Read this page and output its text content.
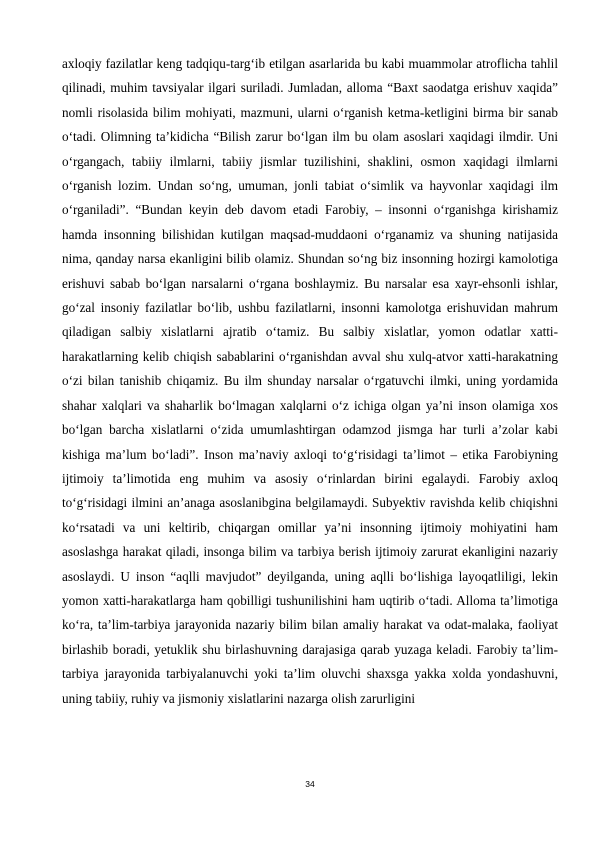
axloqiy fazilatlar keng tadqiqu-targ‘ib etilgan asarlarida bu kabi muammolar atroflicha tahlil qilinadi, muhim tavsiyalar ilgari suriladi. Jumladan, alloma “Baxt saodatga erishuv xaqida” nomli risolasida bilim mohiyati, mazmuni, ularni o‘rganish ketma-ketligini birma bir sanab o‘tadi. Olimning ta’kidicha “Bilish zarur bo‘lgan ilm bu olam asoslari xaqidagi ilmdir. Uni o‘rgangach, tabiiy ilmlarni, tabiiy jismlar tuzilishini, shaklini, osmon xaqidagi ilmlarni o‘rganish lozim. Undan so‘ng, umuman, jonli tabiat o‘simlik va hayvonlar xaqidagi ilm o‘rganiladi”. “Bundan keyin deb davom etadi Farobiy, – insonni o‘rganishga kirishamiz hamda insonning bilishidan kutilgan maqsad-muddaoni o‘rganamiz va shuning natijasida nima, qanday narsa ekanligini bilib olamiz. Shundan so‘ng biz insonning hozirgi kamolotiga erishuvi sabab bo‘lgan narsalarni o‘rgana boshlaymiz. Bu narsalar esa xayr-ehsonli ishlar, go‘zal insoniy fazilatlar bo‘lib, ushbu fazilatlarni, insonni kamolotga erishuvidan mahrum qiladigan salbiy xislatlarni ajratib o‘tamiz. Bu salbiy xislatlar, yomon odatlar xatti-harakatlarning kelib chiqish sabablarini o‘rganishdan avval shu xulq-atvor xatti-harakatning o‘zi bilan tanishib chiqamiz. Bu ilm shunday narsalar o‘rgatuvchi ilmki, uning yordamida shahar xalqlari va shaharlik bo‘lmagan xalqlarni o‘z ichiga olgan ya’ni inson olamiga xos bo‘lgan barcha xislatlarni o‘zida umumlashtirgan odamzod jismga har turli a’zolar kabi kishiga ma’lum bo‘ladi”. Inson ma’naviy axloqi to‘g‘risidagi ta’limot – etika Farobiyning ijtimoiy ta’limotida eng muhim va asosiy o‘rinlardan birini egalaydi. Farobiy axloq to‘g‘risidagi ilmini an’anaga asoslanibgina belgilamaydi. Subyektiv ravishda kelib chiqishni ko‘rsatadi va uni keltirib, chiqargan omillar ya’ni insonning ijtimoiy mohiyatini ham asoslashga harakat qiladi, insonga bilim va tarbiya berish ijtimoiy zarurat ekanligini nazariy asoslaydi. U inson “aqlli mavjudot” deyilganda, uning aqlli bo‘lishiga layoqatliligi, lekin yomon xatti-harakatlarga ham qobilligi tushunilishini ham uqtirib o‘tadi. Alloma ta’limotiga ko‘ra, ta’lim-tarbiya jarayonida nazariy bilim bilan amaliy harakat va odat-malaka, faoliyat birlashib boradi, yetuklik shu birlashuvning darajasiga qarab yuzaga keladi. Farobiy ta’lim-tarbiya jarayonida tarbiyalanuvchi yoki ta’lim oluvchi shaxsga yakka xolda yondashuvni, uning tabiiy, ruhiy va jismoniy xislatlarini nazarga olish zarurligini

34
